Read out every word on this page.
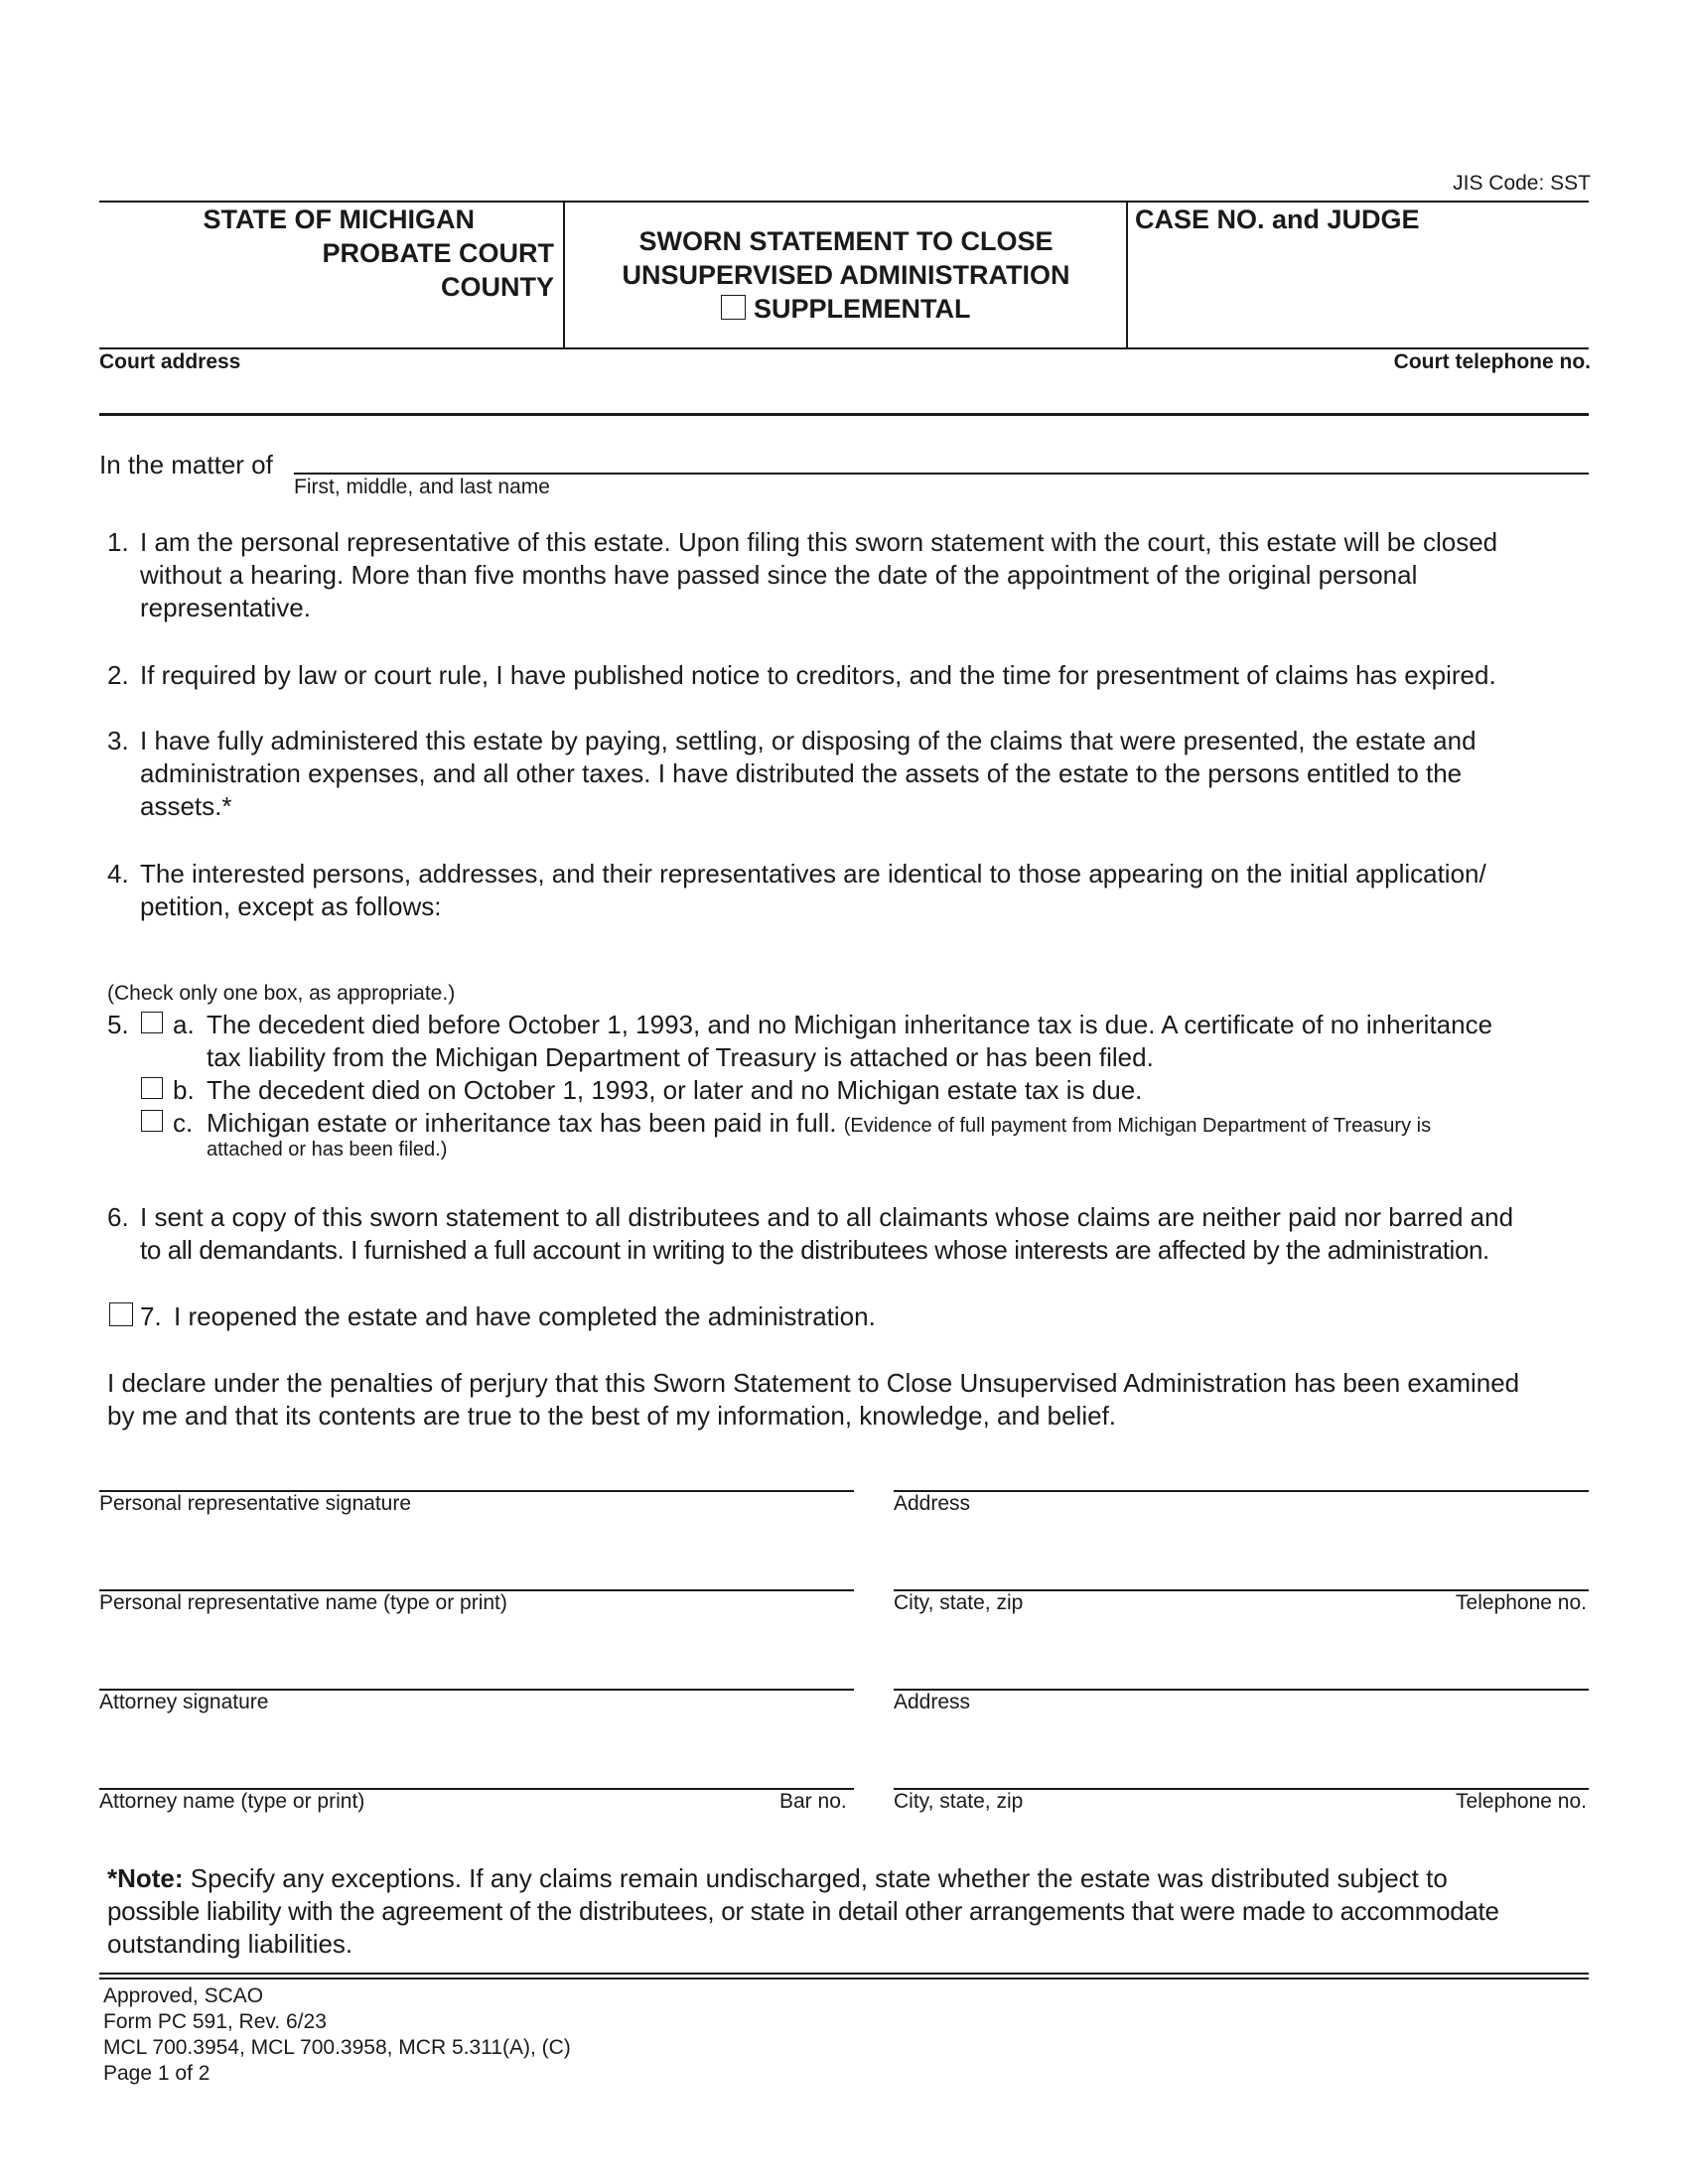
JIS Code: SST
STATE OF MICHIGAN
PROBATE COURT
COUNTY
SWORN STATEMENT TO CLOSE
UNSUPERVISED ADMINISTRATION
SUPPLEMENTAL
CASE NO. and JUDGE
Court address	Court telephone no.
In the matter of
First, middle, and last name
1. I am the personal representative of this estate. Upon filing this sworn statement with the court, this estate will be closed
without a hearing. More than five months have passed since the date of the appointment of the original personal
representative.
2. If required by law or court rule, I have published notice to creditors, and the time for presentment of claims has expired.
3. I have fully administered this estate by paying, settling, or disposing of the claims that were presented, the estate and
administration expenses, and all other taxes. I have distributed the assets of the estate to the persons entitled to the
assets.*
4. The interested persons, addresses, and their representatives are identical to those appearing on the initial application/
petition, except as follows:
(Check only one box, as appropriate.)
5. a. The decedent died before October 1, 1993, and no Michigan inheritance tax is due. A certificate of no inheritance
tax liability from the Michigan Department of Treasury is attached or has been filed.
b. The decedent died on October 1, 1993, or later and no Michigan estate tax is due.
c. Michigan estate or inheritance tax has been paid in full. (Evidence of full payment from Michigan Department of Treasury is
attached or has been filed.)
6. I sent a copy of this sworn statement to all distributees and to all claimants whose claims are neither paid nor barred and
to all demandants. I furnished a full account in writing to the distributees whose interests are affected by the administration.
7. I reopened the estate and have completed the administration.
I declare under the penalties of perjury that this Sworn Statement to Close Unsupervised Administration has been examined
by me and that its contents are true to the best of my information, knowledge, and belief.
Personal representative signature	Address
Personal representative name (type or print)	City, state, zip	Telephone no.
Attorney signature	Address
Attorney name (type or print)	Bar no. City, state, zip	Telephone no.
*Note: Specify any exceptions. If any claims remain undischarged, state whether the estate was distributed subject to
possible liability with the agreement of the distributees, or state in detail other arrangements that were made to accommodate
outstanding liabilities.
Approved, SCAO
Form PC 591, Rev. 6/23
MCL 700.3954, MCL 700.3958, MCR 5.311(A), (C)
Page 1 of 2
